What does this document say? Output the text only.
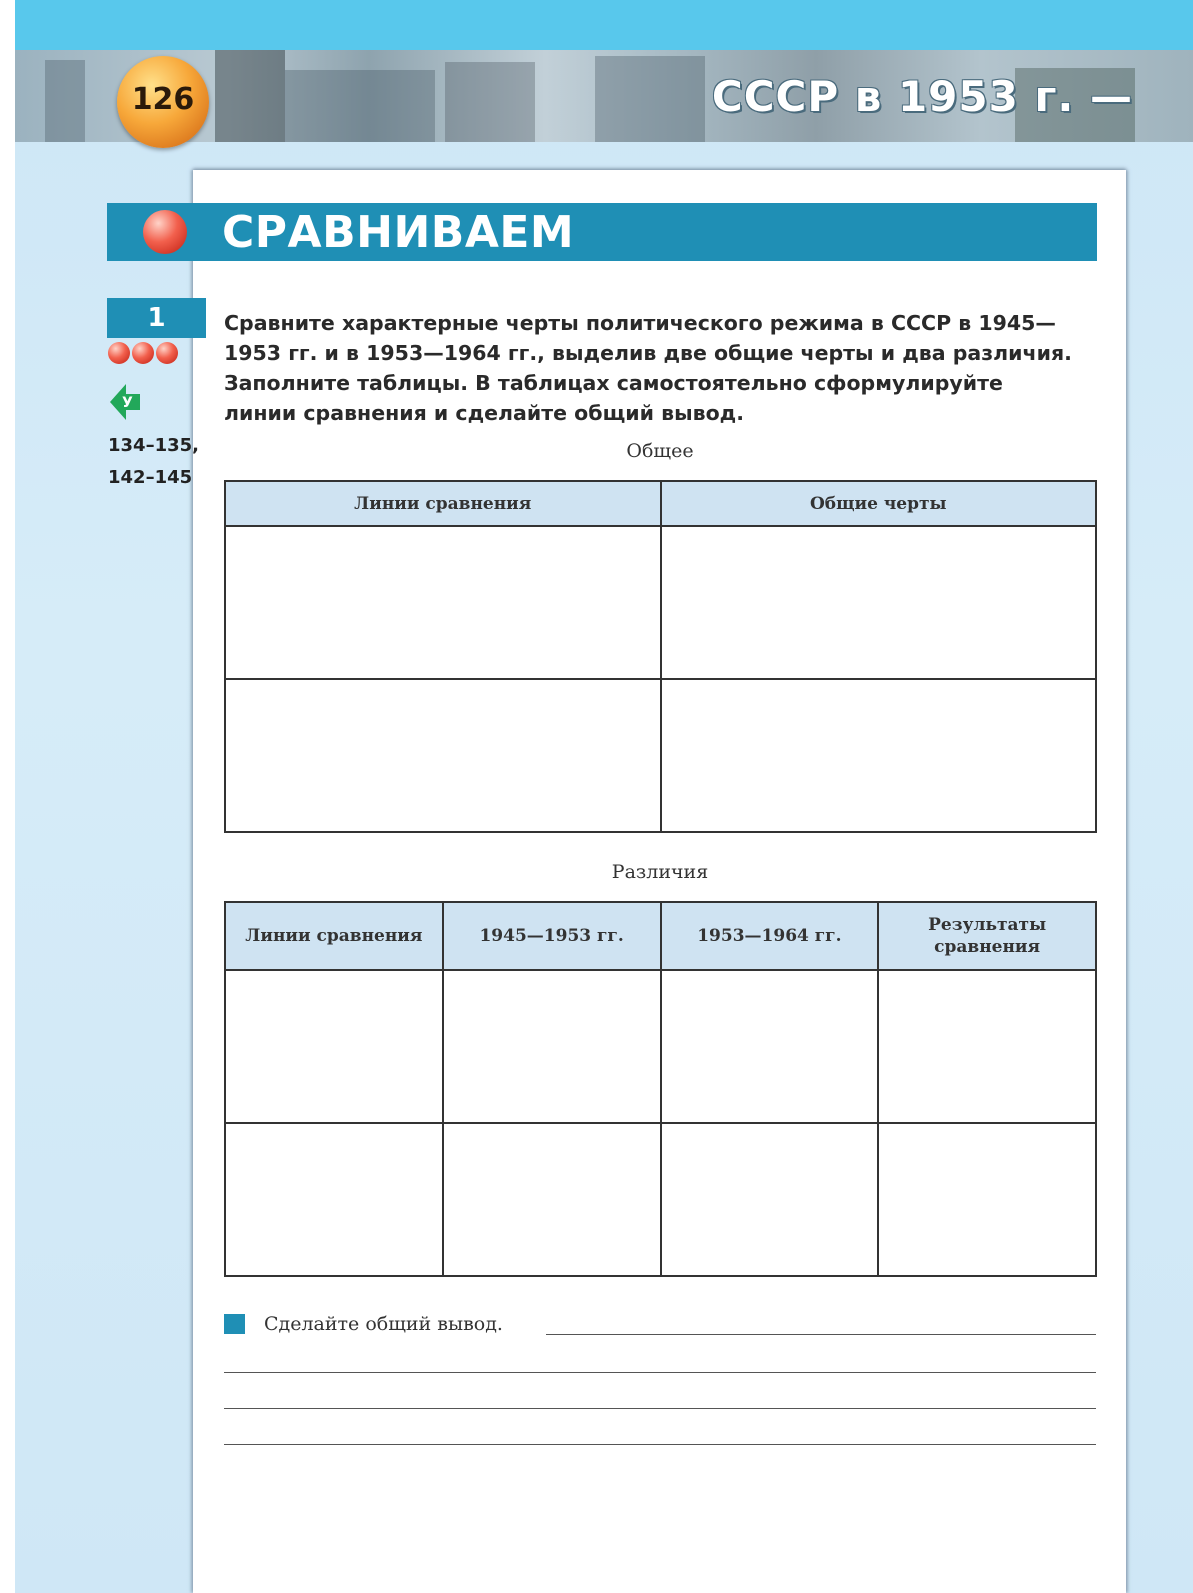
СССР в 1953 г. —
126
СРАВНИВАЕМ
1
У
134–135,
142–145
Сравните характерные черты политического режима в СССР в 1945—1953 гг. и в 1953—1964 гг., выделив две общие черты и два различия. Заполните таблицы. В таблицах самостоятельно сформулируйте линии сравнения и сделайте общий вывод.
Общее
Линии сравнения	Общие черты

Различия
Линии сравнения	1945—1953 гг.	1953—1964 гг.	Результаты сравнения

Сделайте общий вывод.
